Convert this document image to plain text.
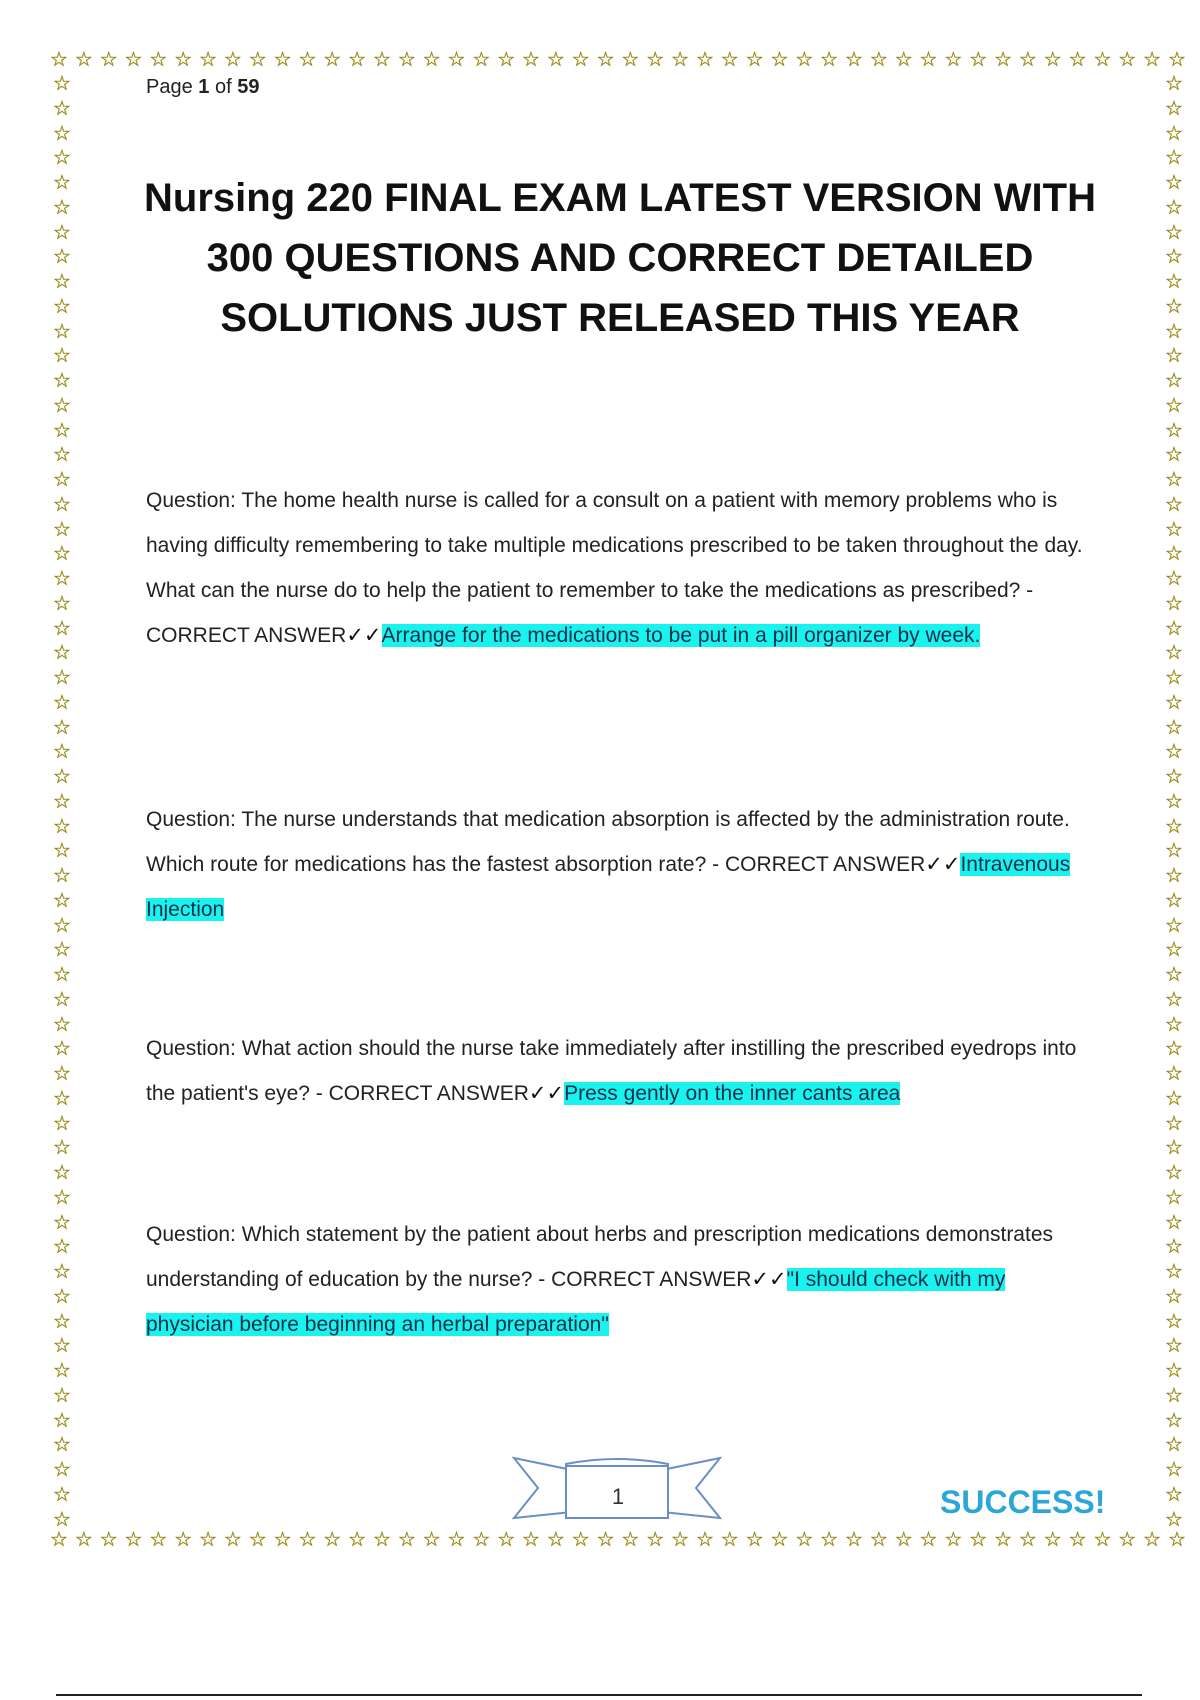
☆ ☆ ☆ ☆ ☆ ☆ ☆ ☆ ☆ ☆ ☆ ☆ ☆ ☆ ☆ ☆ ☆ ☆ ☆ ☆ ☆ ☆ ☆ ☆ ☆ ☆ ☆ ☆ ☆ ☆ ☆ ☆ ☆ ☆ ☆ ☆ ☆ ☆ ☆ ☆ ☆ ☆ ☆ ☆ ☆ ☆
☆ ☆ ☆ ☆ ☆ ☆ ☆ ☆ ☆ ☆ ☆ ☆ ☆ ☆ ☆ ☆ ☆ ☆ ☆ ☆ ☆ ☆ ☆ ☆ ☆ ☆ ☆ ☆ ☆ ☆ ☆ ☆ ☆ ☆ ☆ ☆ ☆ ☆ ☆ ☆ ☆ ☆ ☆ ☆ ☆ ☆
☆
☆
☆
☆
☆
☆
☆
☆
☆
☆
☆
☆
☆
☆
☆
☆
☆
☆
☆
☆
☆
☆
☆
☆
☆
☆
☆
☆
☆
☆
☆
☆
☆
☆
☆
☆
☆
☆
☆
☆
☆
☆
☆
☆
☆
☆
☆
☆
☆
☆
☆
☆
☆
☆
☆
☆
☆
☆
☆
☆
☆
☆
☆
☆
☆
☆
☆
☆
☆
☆
☆
☆
☆
☆
☆
☆
☆
☆
☆
☆
☆
☆
☆
☆
☆
☆
☆
☆
☆
☆
☆
☆
☆
☆
☆
☆
☆
☆
☆
☆
☆
☆
☆
☆
☆
☆
☆
☆
☆
☆
☆
☆
☆
☆
☆
☆
☆
☆
Page 1 of 59
Nursing 220 FINAL EXAM LATEST VERSION WITH 300 QUESTIONS AND CORRECT DETAILED SOLUTIONS JUST RELEASED THIS YEAR

Question: The home health nurse is called for a consult on a patient with memory problems who is having difficulty remembering to take multiple medications prescribed to be taken throughout the day. What can the nurse do to help the patient to remember to take the medications as prescribed? - CORRECT ANSWER✓✓Arrange for the medications to be put in a pill organizer by week.

Question: The nurse understands that medication absorption is affected by the administration route. Which route for medications has the fastest absorption rate? - CORRECT ANSWER✓✓Intravenous Injection

Question: What action should the nurse take immediately after instilling the prescribed eyedrops into the patient's eye? - CORRECT ANSWER✓✓Press gently on the inner cants area

Question: Which statement by the patient about herbs and prescription medications demonstrates understanding of education by the nurse? - CORRECT ANSWER✓✓"I should check with my physician before beginning an herbal preparation"

1	SUCCESS!
